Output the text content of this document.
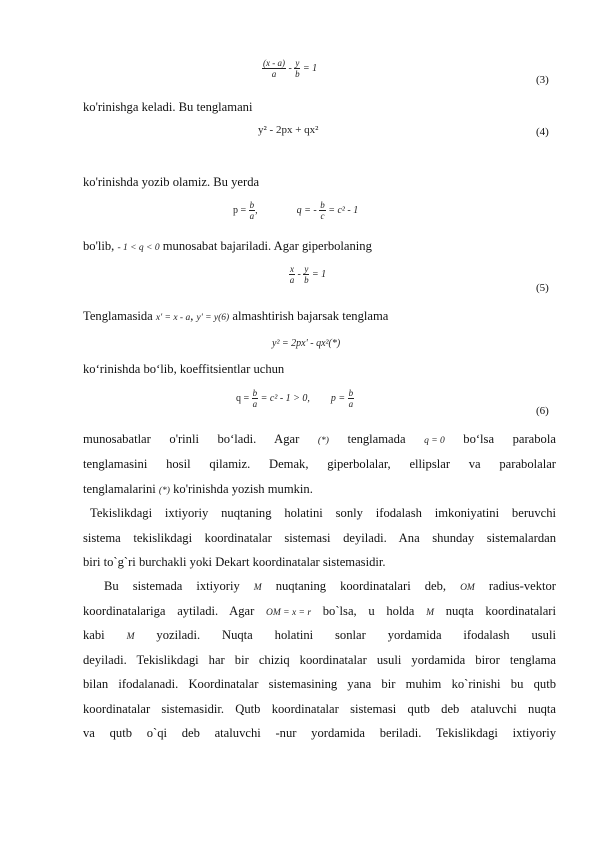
$\frac{(x - a)}{a} - \frac{y}{b} = 1$
(3)
ko'rinishga keladi. Bu tenglamani
y² - 2px + qx²	(4)
ko'rinishda yozib olamiz. Bu yerda
$p = \frac{b}{a}$ ,	q = - $\frac{b}{c} = c^2 - 1$
bo'lib, - 1 < q < 0 munosabat bajariladi. Agar giperbolaning
$\frac{x}{a} - \frac{y}{b} = 1$
(5)
Tenglamasida x' = x - a, y' = y(6) almashtirish bajarsak tenglama
y² = 2px' - qx²(*)
ko‘rinishda bo‘lib, koeffitsientlar uchun
$q = \frac{b}{a} = c^2 - 1 > 0$, $p = \frac{b}{a}$
(6)
munosabatlar o'rinli bo‘ladi. Agar (*) tenglamada q = 0 bo‘lsa parabola
tenglamasini hosil qilamiz. Demak, giperbolalar, ellipslar va parabolalar
tenglamalarini (*) ko'rinishda yozish mumkin.
Tekislikdagi ixtiyoriy nuqtaning holatini sonly ifodalash imkoniyatini beruvchi
sistema tekislikdagi koordinatalar sistemasi deyiladi. Ana shunday sistemalardan
biri to`g`ri burchakli yoki Dekart koordinatalar sistemasidir.
Bu sistemada ixtiyoriy M nuqtaning koordinatalari deb, OM radius-vektor
koordinatalariga aytiladi. Agar OM = x = r bo`lsa, u holda M nuqta koordinatalari
kabi M yoziladi. Nuqta holatini sonlar yordamida ifodalash usuli
deyiladi. Tekislikdagi har bir chiziq koordinatalar usuli yordamida biror tenglama
bilan ifodalanadi. Koordinatalar sistemasining yana bir muhim ko`rinishi bu qutb
koordinatalar sistemasidir. Qutb koordinatalar sistemasi qutb deb ataluvchi nuqta
va qutb o`qi deb ataluvchi -nur yordamida beriladi. Tekislikdagi ixtiyoriy
